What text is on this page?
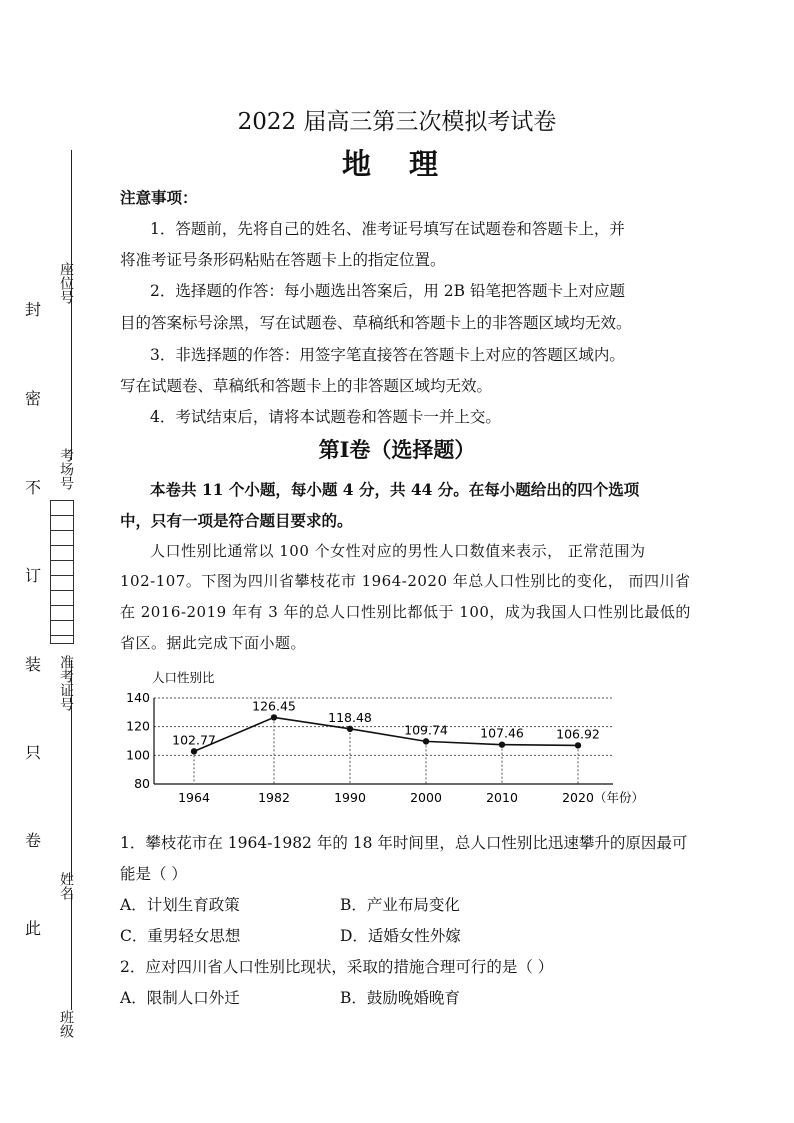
座位号
考场号
准考证号
姓名
班级
封
密
不
订
装
只
卷
此
2022 届高三第三次模拟考试卷
地 理
注意事项：
1．答题前，先将自己的姓名、准考证号填写在试题卷和答题卡上，并
将准考证号条形码粘贴在答题卡上的指定位置。
2．选择题的作答：每小题选出答案后，用 2B 铅笔把答题卡上对应题
目的答案标号涂黑，写在试题卷、草稿纸和答题卡上的非答题区域均无效。
3．非选择题的作答：用签字笔直接答在答题卡上对应的答题区域内。
写在试题卷、草稿纸和答题卡上的非答题区域均无效。
4．考试结束后，请将本试题卷和答题卡一并上交。
第Ⅰ卷（选择题）
本卷共 11 个小题，每小题 4 分，共 44 分。在每小题给出的四个选项
中，只有一项是符合题目要求的。
人口性别比通常以 100 个女性对应的男性人口数值来表示， 正常范围为
102-107。下图为四川省攀枝花市 1964-2020 年总人口性别比的变化， 而四川省
在 2016-2019 年有 3 年的总人口性别比都低于 100，成为我国人口性别比最低的
省区。据此完成下面小题。
人口性别比
140
120
100
80
1964	1982	1990	2000	2010	2020
102.77
126.45
118.48
109.74	107.46	106.92
（年份）
1．攀枝花市在 1964-1982 年的 18 年时间里，总人口性别比迅速攀升的原因最可
能是（ ）
A．计划生育政策	B．产业布局变化
C．重男轻女思想	D．适婚女性外嫁
2．应对四川省人口性别比现状，采取的措施合理可行的是（ ）
A．限制人口外迁	B．鼓励晚婚晚育
